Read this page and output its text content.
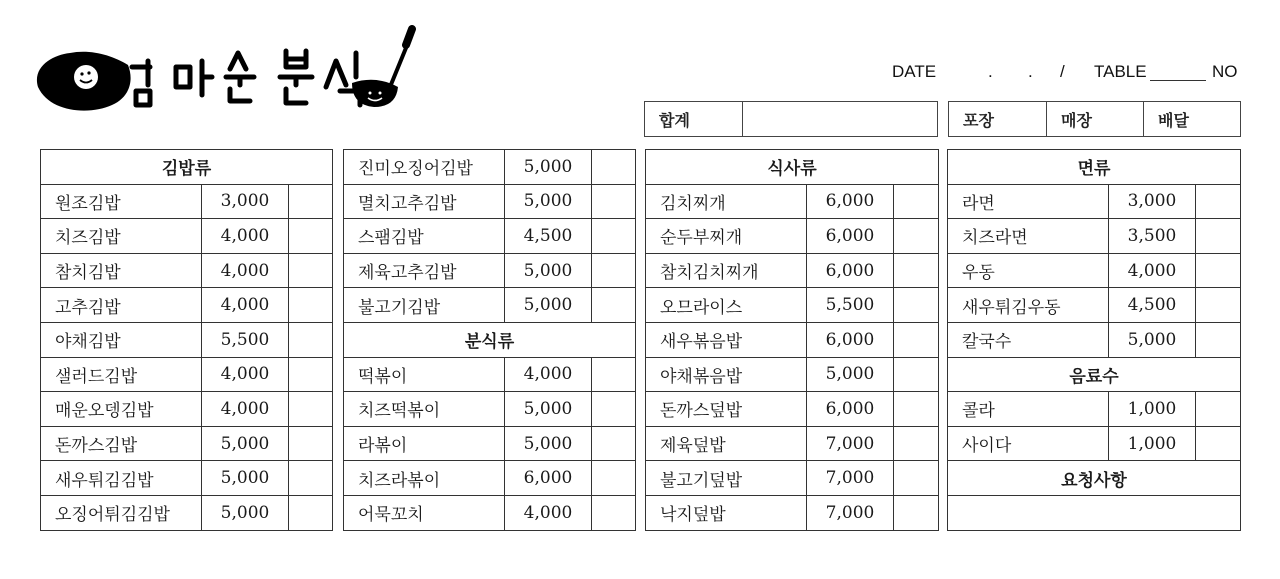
DATE	. . / TABLE	NO
합계	포장	매장	배달
김밥류		
원조김밥	3,000	
치즈김밥	4,000	
참치김밥	4,000	
고추김밥	4,000	
야채김밥	5,500	
샐러드김밥	4,000	
매운오뎅김밥	4,000	
돈까스김밥	5,000	
새우튀김김밥	5,000	
오징어튀김김밥	5,000	
진미오징어김밥	5,000	
멸치고추김밥	5,000	
스팸김밥	4,500	
제육고추김밥	5,000	
불고기김밥	5,000	
분식류		
떡볶이	4,000	
치즈떡볶이	5,000	
라볶이	5,000	
치즈라볶이	6,000	
어묵꼬치	4,000	
식사류		
김치찌개	6,000	
순두부찌개	6,000	
참치김치찌개	6,000	
오므라이스	5,500	
새우볶음밥	6,000	
야채볶음밥	5,000	
돈까스덮밥	6,000	
제육덮밥	7,000	
불고기덮밥	7,000	
낙지덮밥	7,000	
면류		
라면	3,000	
치즈라면	3,500	
우동	4,000	
새우튀김우동	4,500	
칼국수	5,000	
음료수		
콜라	1,000	
사이다	1,000	
요청사항		
